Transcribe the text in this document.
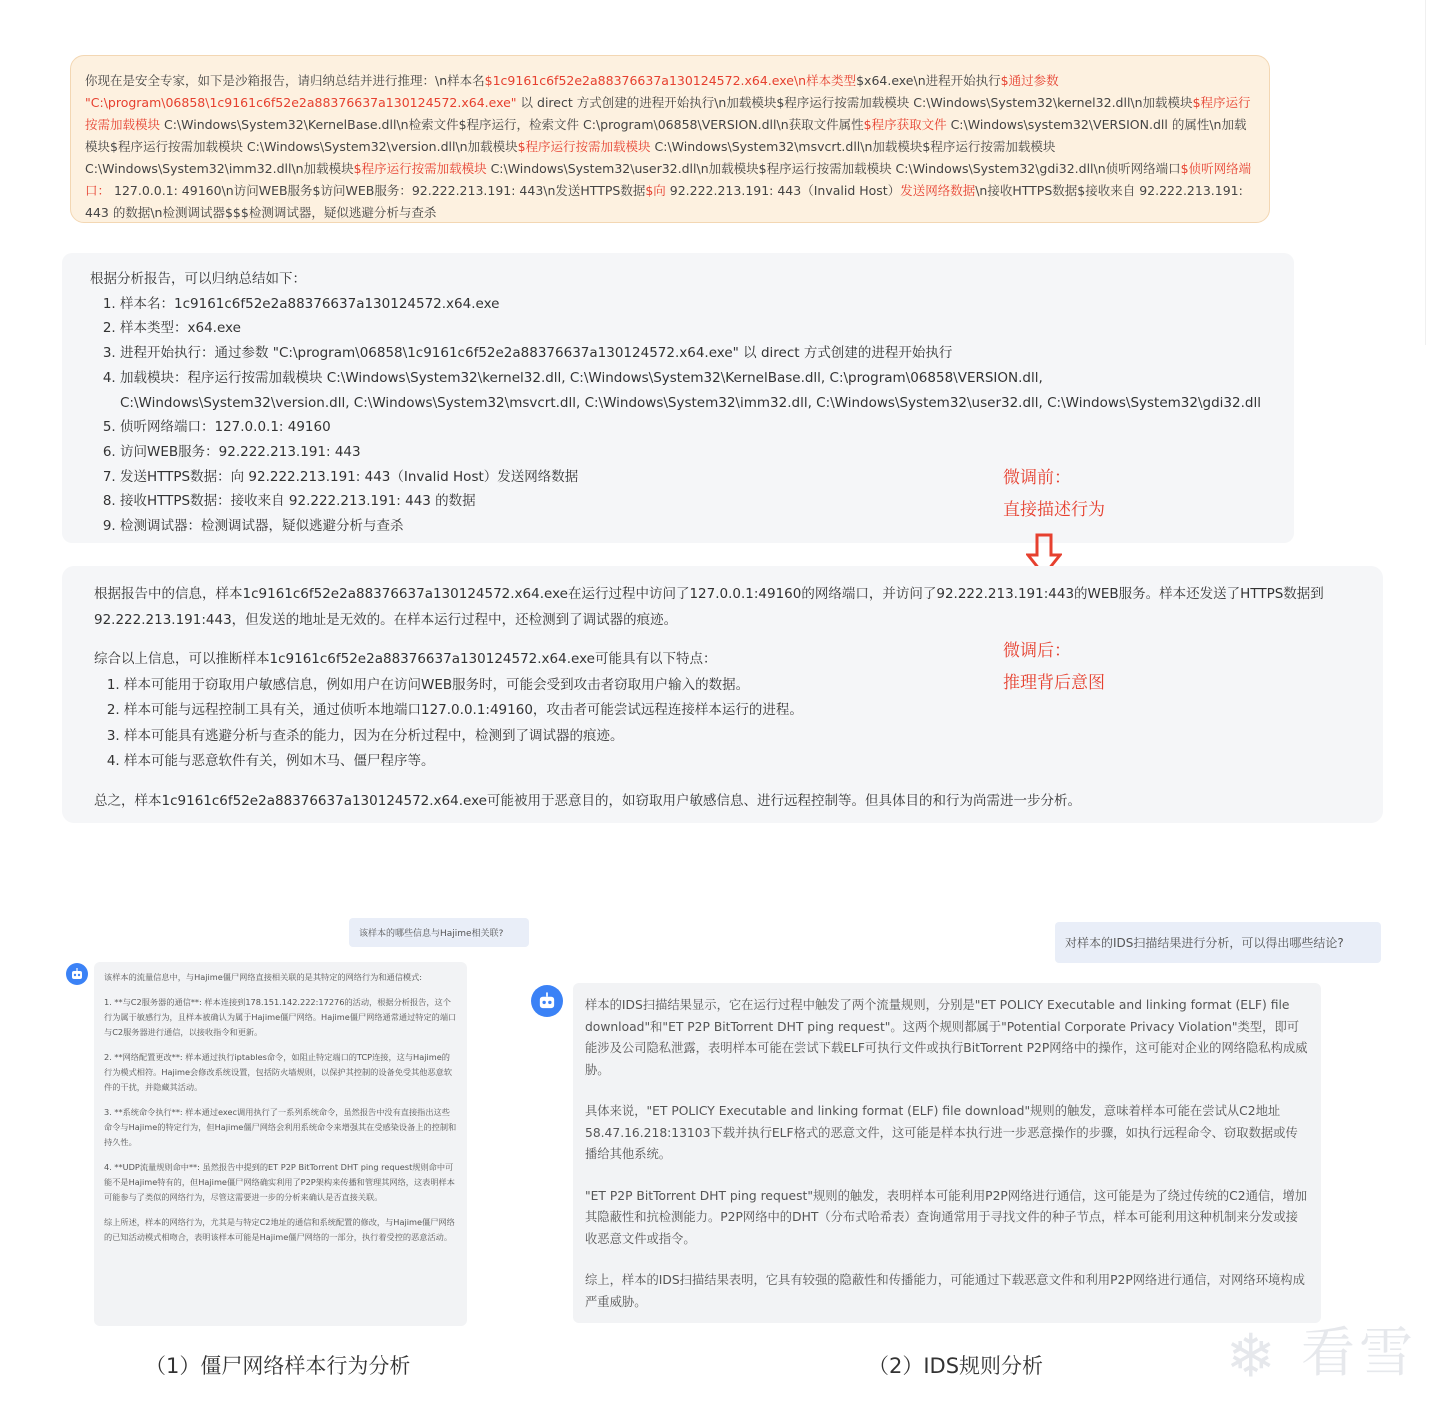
你现在是安全专家，如下是沙箱报告，请归纳总结并进行推理：\n样本名$1c9161c6f52e2a88376637a130124572.x64.exe\n样本类型$x64.exe\n进程开始执行$通过参数 "C:\program\06858\1c9161c6f52e2a88376637a130124572.x64.exe" 以 direct 方式创建的进程开始执行\n加载模块$程序运行按需加载模块 C:\Windows\System32\kernel32.dll\n加载模块$程序运行按需加载模块 C:\Windows\System32\KernelBase.dll\n检索文件$程序运行，检索文件 C:\program\06858\VERSION.dll\n获取文件属性$程序获取文件 C:\Windows\system32\VERSION.dll 的属性\n加载模块$程序运行按需加载模块 C:\Windows\System32\version.dll\n加载模块$程序运行按需加载模块 C:\Windows\System32\msvcrt.dll\n加载模块$程序运行按需加载模块 C:\Windows\System32\imm32.dll\n加载模块$程序运行按需加载模块 C:\Windows\System32\user32.dll\n加载模块$程序运行按需加载模块 C:\Windows\System32\gdi32.dll\n侦听网络端口$侦听网络端口： 127.0.0.1: 49160\n访问WEB服务$访问WEB服务：92.222.213.191: 443\n发送HTTPS数据$向 92.222.213.191: 443（Invalid Host）发送网络数据\n接收HTTPS数据$接收来自 92.222.213.191: 443 的数据\n检测调试器$$$检测调试器，疑似逃避分析与查杀
根据分析报告，可以归纳总结如下：
1. 样本名：1c9161c6f52e2a88376637a130124572.x64.exe
2. 样本类型：x64.exe
3. 进程开始执行：通过参数 "C:\program\06858\1c9161c6f52e2a88376637a130124572.x64.exe" 以 direct 方式创建的进程开始执行
4. 加载模块：程序运行按需加载模块 C:\Windows\System32\kernel32.dll, C:\Windows\System32\KernelBase.dll, C:\program\06858\VERSION.dll, C:\Windows\System32\version.dll, C:\Windows\System32\msvcrt.dll, C:\Windows\System32\imm32.dll, C:\Windows\System32\user32.dll, C:\Windows\System32\gdi32.dll
5. 侦听网络端口：127.0.0.1: 49160
6. 访问WEB服务：92.222.213.191: 443
7. 发送HTTPS数据：向 92.222.213.191: 443（Invalid Host）发送网络数据
8. 接收HTTPS数据：接收来自 92.222.213.191: 443 的数据
9. 检测调试器：检测调试器，疑似逃避分析与查杀
微调前：
直接描述行为

根据报告中的信息，样本1c9161c6f52e2a88376637a130124572.x64.exe在运行过程中访问了127.0.0.1:49160的网络端口，并访问了92.222.213.191:443的WEB服务。样本还发送了HTTPS数据到92.222.213.191:443，但发送的地址是无效的。在样本运行过程中，还检测到了调试器的痕迹。

综合以上信息，可以推断样本1c9161c6f52e2a88376637a130124572.x64.exe可能具有以下特点：

1. 样本可能用于窃取用户敏感信息，例如用户在访问WEB服务时，可能会受到攻击者窃取用户输入的数据。
2. 样本可能与远程控制工具有关，通过侦听本地端口127.0.0.1:49160，攻击者可能尝试远程连接样本运行的进程。
3. 样本可能具有逃避分析与查杀的能力，因为在分析过程中，检测到了调试器的痕迹。
4. 样本可能与恶意软件有关，例如木马、僵尸程序等。

总之，样本1c9161c6f52e2a88376637a130124572.x64.exe可能被用于恶意目的，如窃取用户敏感信息、进行远程控制等。但具体目的和行为尚需进一步分析。

微调后：
推理背后意图
该样本的哪些信息与Hajime相关联?

该样本的流量信息中，与Hajime僵尸网络直接相关联的是其特定的网络行为和通信模式:

1. **与C2服务器的通信**: 样本连接到178.151.142.222:17276的活动，根据分析报告，这个行为属于敏感行为，且样本被确认为属于Hajime僵尸网络。Hajime僵尸网络通常通过特定的端口与C2服务器进行通信，以接收指令和更新。

2. **网络配置更改**: 样本通过执行iptables命令，如阻止特定端口的TCP连接，这与Hajime的行为模式相符。Hajime会修改系统设置，包括防火墙规则，以保护其控制的设备免受其他恶意软件的干扰，并隐藏其活动。

3. **系统命令执行**: 样本通过exec调用执行了一系列系统命令，虽然报告中没有直接指出这些命令与Hajime的特定行为，但Hajime僵尸网络会利用系统命令来增强其在受感染设备上的控制和持久性。

4. **UDP流量规则命中**: 虽然报告中提到的ET P2P BitTorrent DHT ping request规则命中可能不是Hajime特有的，但Hajime僵尸网络确实利用了P2P架构来传播和管理其网络，这表明样本可能参与了类似的网络行为，尽管这需要进一步的分析来确认是否直接关联。

综上所述，样本的网络行为，尤其是与特定C2地址的通信和系统配置的修改，与Hajime僵尸网络的已知活动模式相吻合，表明该样本可能是Hajime僵尸网络的一部分，执行着受控的恶意活动。

对样本的IDS扫描结果进行分析，可以得出哪些结论?

样本的IDS扫描结果显示，它在运行过程中触发了两个流量规则，分别是"ET POLICY Executable and linking format (ELF) file download"和"ET P2P BitTorrent DHT ping request"。这两个规则都属于"Potential Corporate Privacy Violation"类型，即可能涉及公司隐私泄露，表明样本可能在尝试下载ELF可执行文件或执行BitTorrent P2P网络中的操作，这可能对企业的网络隐私构成威胁。

具体来说，"ET POLICY Executable and linking format (ELF) file download"规则的触发，意味着样本可能在尝试从C2地址58.47.16.218:13103下载并执行ELF格式的恶意文件，这可能是样本执行进一步恶意操作的步骤，如执行远程命令、窃取数据或传播给其他系统。

"ET P2P BitTorrent DHT ping request"规则的触发，表明样本可能利用P2P网络进行通信，这可能是为了绕过传统的C2通信，增加其隐蔽性和抗检测能力。P2P网络中的DHT（分布式哈希表）查询通常用于寻找文件的种子节点，样本可能利用这种机制来分发或接收恶意文件或指令。

综上，样本的IDS扫描结果表明，它具有较强的隐蔽性和传播能力，可能通过下载恶意文件和利用P2P网络进行通信，对网络环境构成严重威胁。

（1）僵尸网络样本行为分析	（2）IDS规则分析	❄ 看雪
